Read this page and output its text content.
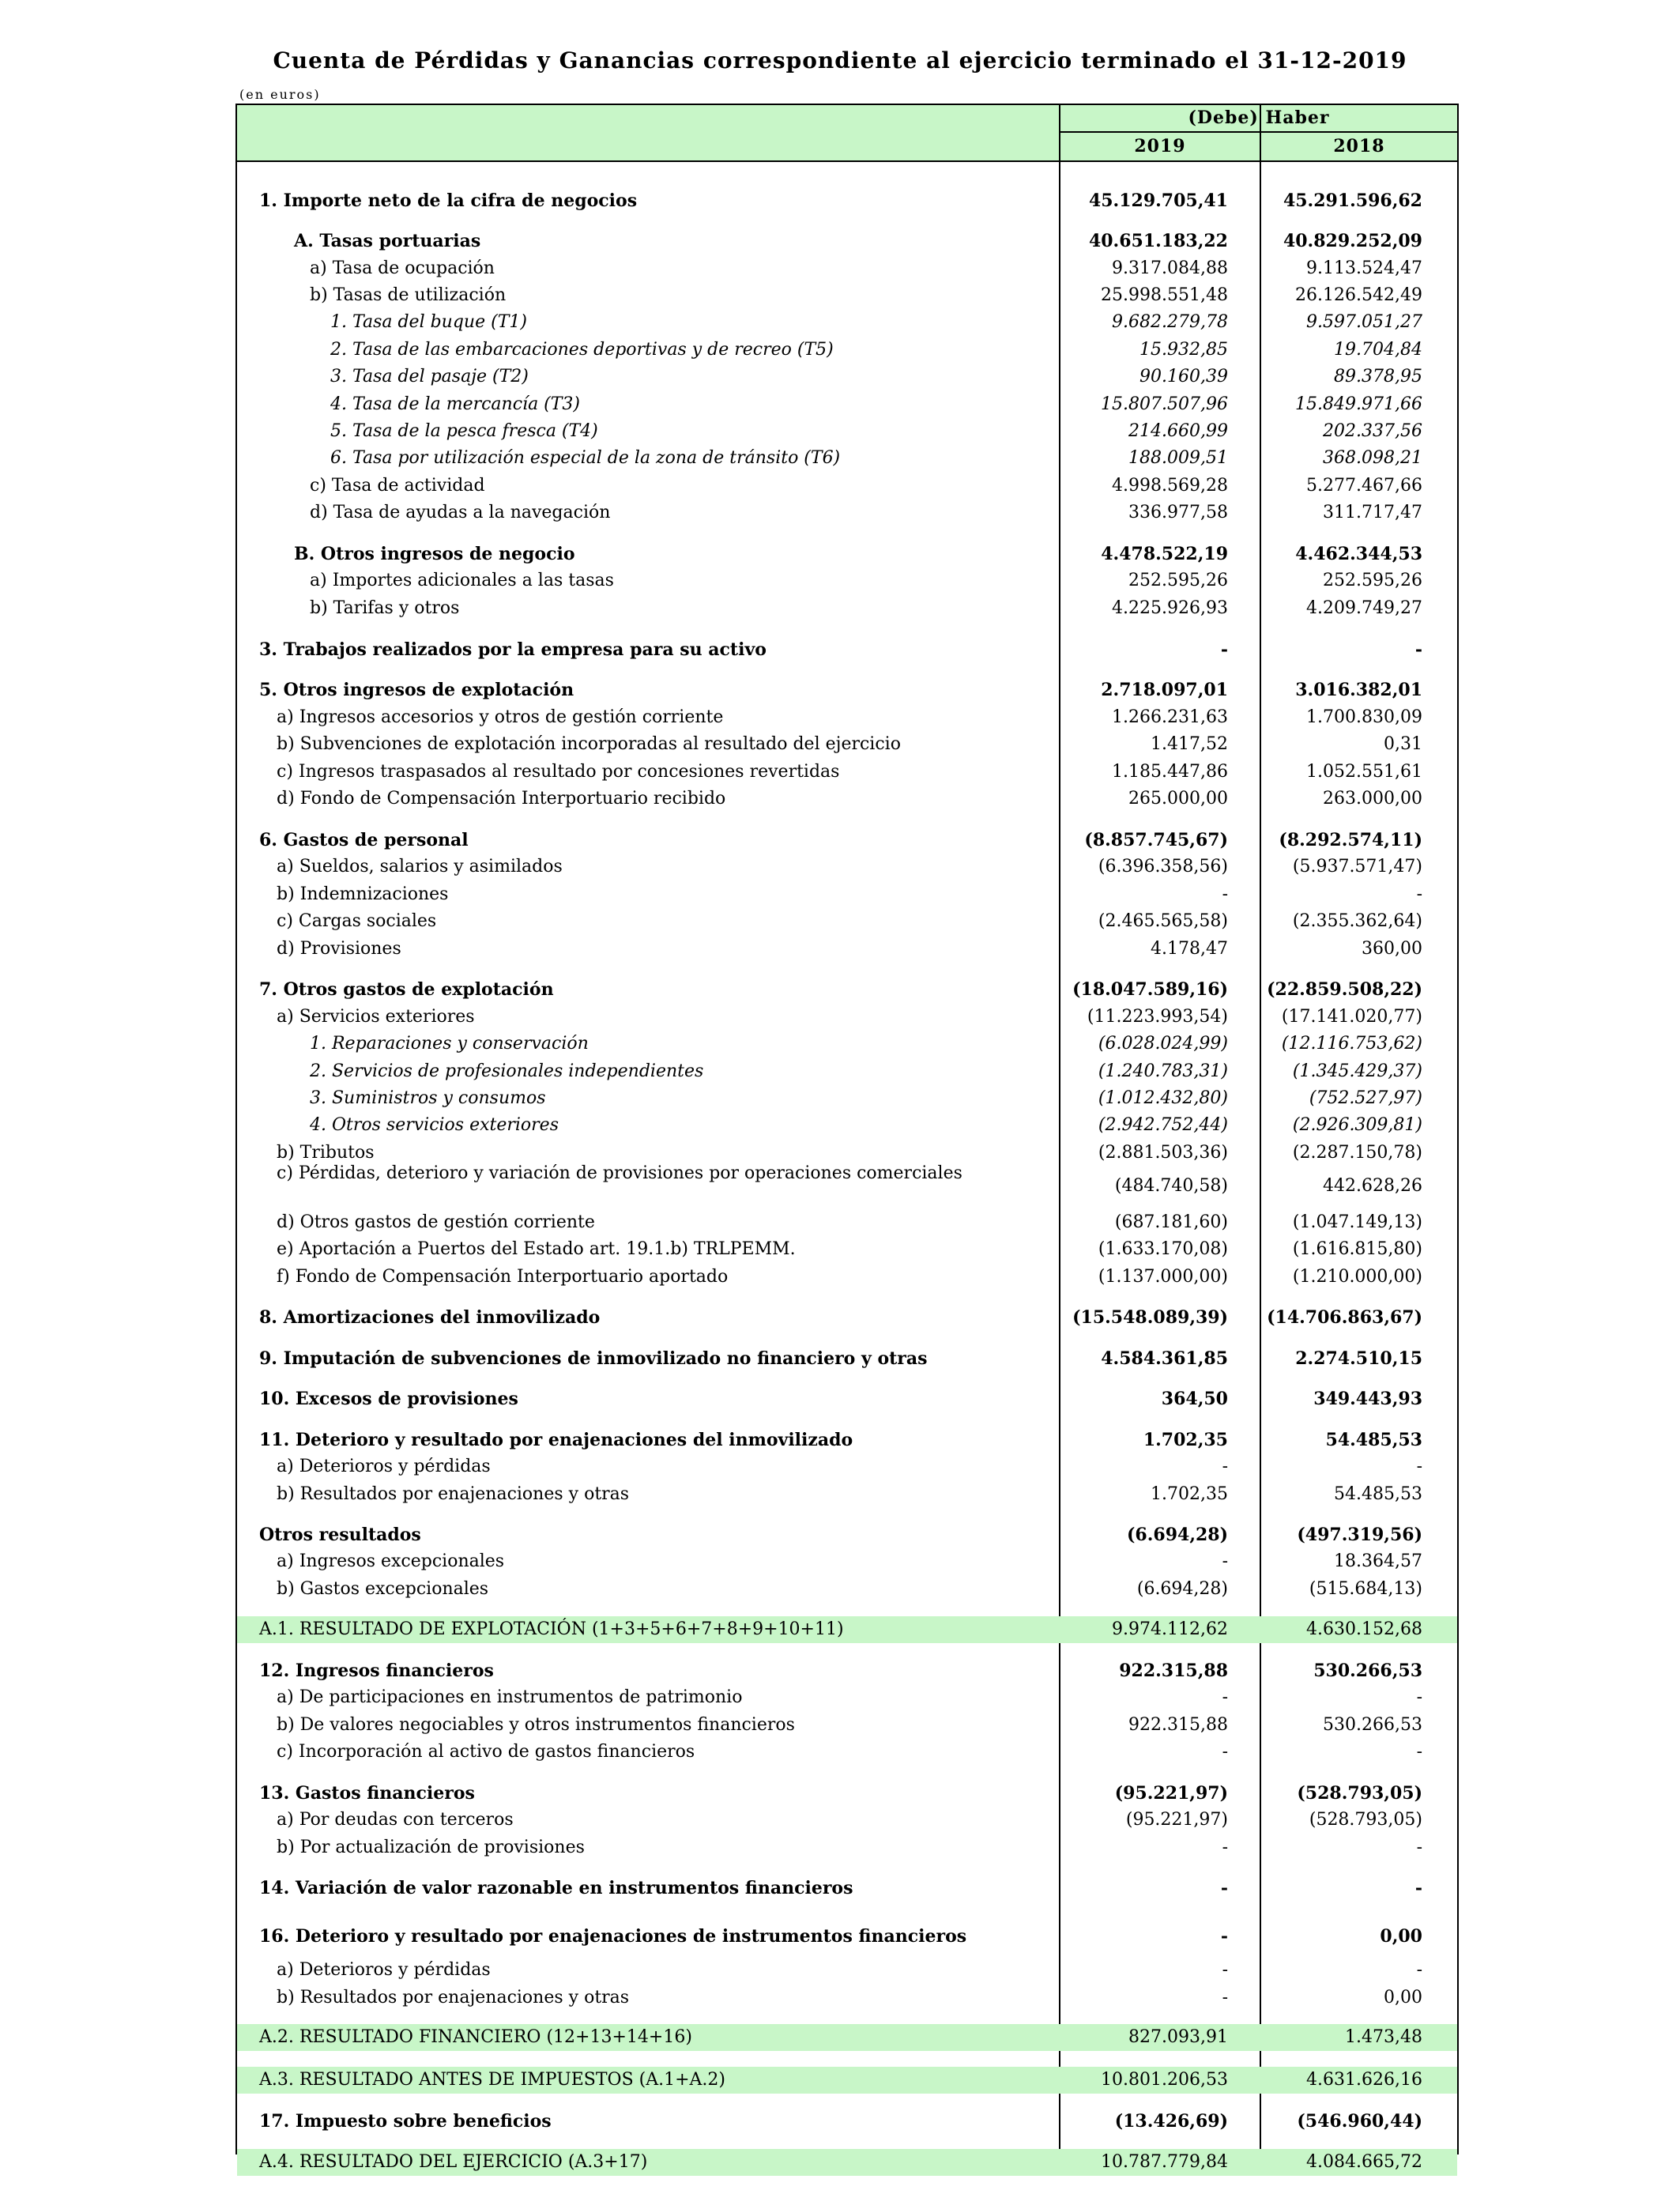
Cuenta de Pérdidas y Ganancias correspondiente al ejercicio terminado el 31-12-2019
(en euros)
(Debe) Haber
2019	2018
1. Importe neto de la cifra de negocios	45.129.705,41	45.291.596,62
A. Tasas portuarias	40.651.183,22	40.829.252,09
a) Tasa de ocupación	9.317.084,88	9.113.524,47
b) Tasas de utilización	25.998.551,48	26.126.542,49
1. Tasa del buque (T1)	9.682.279,78	9.597.051,27
2. Tasa de las embarcaciones deportivas y de recreo (T5)	15.932,85	19.704,84
3. Tasa del pasaje (T2)	90.160,39	89.378,95
4. Tasa de la mercancía (T3)	15.807.507,96	15.849.971,66
5. Tasa de la pesca fresca (T4)	214.660,99	202.337,56
6. Tasa por utilización especial de la zona de tránsito (T6)	188.009,51	368.098,21
c) Tasa de actividad	4.998.569,28	5.277.467,66
d) Tasa de ayudas a la navegación	336.977,58	311.717,47
B. Otros ingresos de negocio	4.478.522,19	4.462.344,53
a) Importes adicionales a las tasas	252.595,26	252.595,26
b) Tarifas y otros	4.225.926,93	4.209.749,27
3. Trabajos realizados por la empresa para su activo	-	-
5. Otros ingresos de explotación	2.718.097,01	3.016.382,01
a) Ingresos accesorios y otros de gestión corriente	1.266.231,63	1.700.830,09
b) Subvenciones de explotación incorporadas al resultado del ejercicio	1.417,52	0,31
c) Ingresos traspasados al resultado por concesiones revertidas	1.185.447,86	1.052.551,61
d) Fondo de Compensación Interportuario recibido	265.000,00	263.000,00
6. Gastos de personal	(8.857.745,67)	(8.292.574,11)
a) Sueldos, salarios y asimilados	(6.396.358,56)	(5.937.571,47)
b) Indemnizaciones	-	-
c) Cargas sociales	(2.465.565,58)	(2.355.362,64)
d) Provisiones	4.178,47	360,00
7. Otros gastos de explotación	(18.047.589,16)	(22.859.508,22)
a) Servicios exteriores	(11.223.993,54)	(17.141.020,77)
1. Reparaciones y conservación	(6.028.024,99)	(12.116.753,62)
2. Servicios de profesionales independientes	(1.240.783,31)	(1.345.429,37)
3. Suministros y consumos	(1.012.432,80)	(752.527,97)
4. Otros servicios exteriores	(2.942.752,44)	(2.926.309,81)
b) Tributos	(2.881.503,36)	(2.287.150,78)
c) Pérdidas, deterioro y variación de provisiones por operaciones comerciales
(484.740,58)	442.628,26
d) Otros gastos de gestión corriente	(687.181,60)	(1.047.149,13)
e) Aportación a Puertos del Estado art. 19.1.b) TRLPEMM.	(1.633.170,08)	(1.616.815,80)
f) Fondo de Compensación Interportuario aportado	(1.137.000,00)	(1.210.000,00)
8. Amortizaciones del inmovilizado	(15.548.089,39)	(14.706.863,67)
9. Imputación de subvenciones de inmovilizado no financiero y otras	4.584.361,85	2.274.510,15
10. Excesos de provisiones	364,50	349.443,93
11. Deterioro y resultado por enajenaciones del inmovilizado	1.702,35	54.485,53
a) Deterioros y pérdidas	-	-
b) Resultados por enajenaciones y otras	1.702,35	54.485,53
Otros resultados	(6.694,28)	(497.319,56)
a) Ingresos excepcionales	-	18.364,57
b) Gastos excepcionales	(6.694,28)	(515.684,13)
A.1. RESULTADO DE EXPLOTACIÓN (1+3+5+6+7+8+9+10+11)	9.974.112,62	4.630.152,68
12. Ingresos financieros	922.315,88	530.266,53
a) De participaciones en instrumentos de patrimonio	-	-
b) De valores negociables y otros instrumentos financieros	922.315,88	530.266,53
c) Incorporación al activo de gastos financieros	-	-
13. Gastos financieros	(95.221,97)	(528.793,05)
a) Por deudas con terceros	(95.221,97)	(528.793,05)
b) Por actualización de provisiones	-	-
14. Variación de valor razonable en instrumentos financieros	-	-
16. Deterioro y resultado por enajenaciones de instrumentos financieros	-	0,00
a) Deterioros y pérdidas	-	-
b) Resultados por enajenaciones y otras	-	0,00
A.2. RESULTADO FINANCIERO (12+13+14+16)	827.093,91	1.473,48
A.3. RESULTADO ANTES DE IMPUESTOS (A.1+A.2)	10.801.206,53	4.631.626,16
17. Impuesto sobre beneficios	(13.426,69)	(546.960,44)
A.4. RESULTADO DEL EJERCICIO (A.3+17)	10.787.779,84	4.084.665,72
